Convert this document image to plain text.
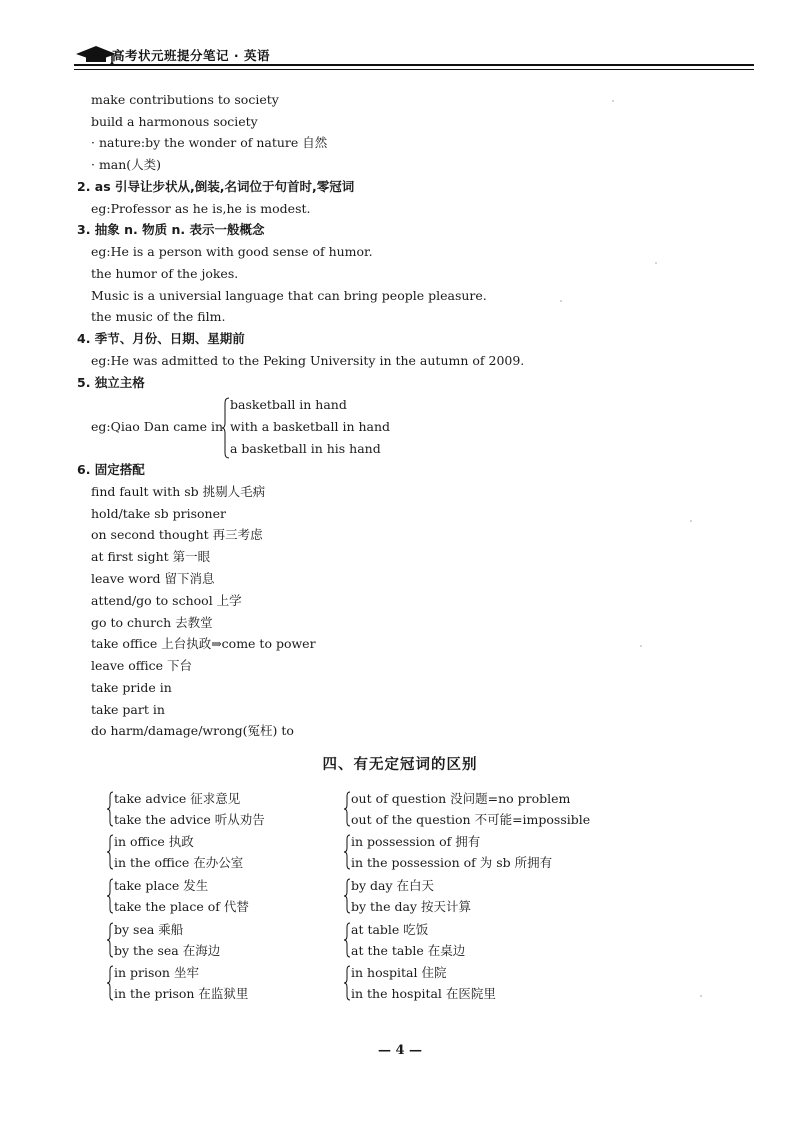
高考状元班提分笔记 · 英语
make contributions to society
build a harmonous society
· nature:by the wonder of nature 自然
· man(人类)
2. as 引导让步状从,倒装,名词位于句首时,零冠词
eg:Professor as he is,he is modest.
3. 抽象 n. 物质 n. 表示一般概念
eg:He is a person with good sense of humor.
the humor of the jokes.
Music is a universial language that can bring people pleasure.
the music of the film.
4. 季节、月份、日期、星期前
eg:He was admitted to the Peking University in the autumn of 2009.
5. 独立主格
eg:Qiao Dan came in
basketball in hand
with a basketball in hand
a basketball in his hand
6. 固定搭配
find fault with sb 挑剔人毛病
hold/take sb prisoner
on second thought 再三考虑
at first sight 第一眼
leave word 留下消息
attend/go to school 上学
go to church 去教堂
take office 上台执政⇒come to power
leave office 下台
take pride in
take part in
do harm/damage/wrong(冤枉) to
四、有无定冠词的区别
take advice 征求意见
take the advice 听从劝告
in office 执政
in the office 在办公室
take place 发生
take the place of 代替
by sea 乘船
by the sea 在海边
in prison 坐牢
in the prison 在监狱里
out of question 没问题=no problem
out of the question 不可能=impossible
in possession of 拥有
in the possession of 为 sb 所拥有
by day 在白天
by the day 按天计算
at table 吃饭
at the table 在桌边
in hospital 住院
in the hospital 在医院里
— 4 —
